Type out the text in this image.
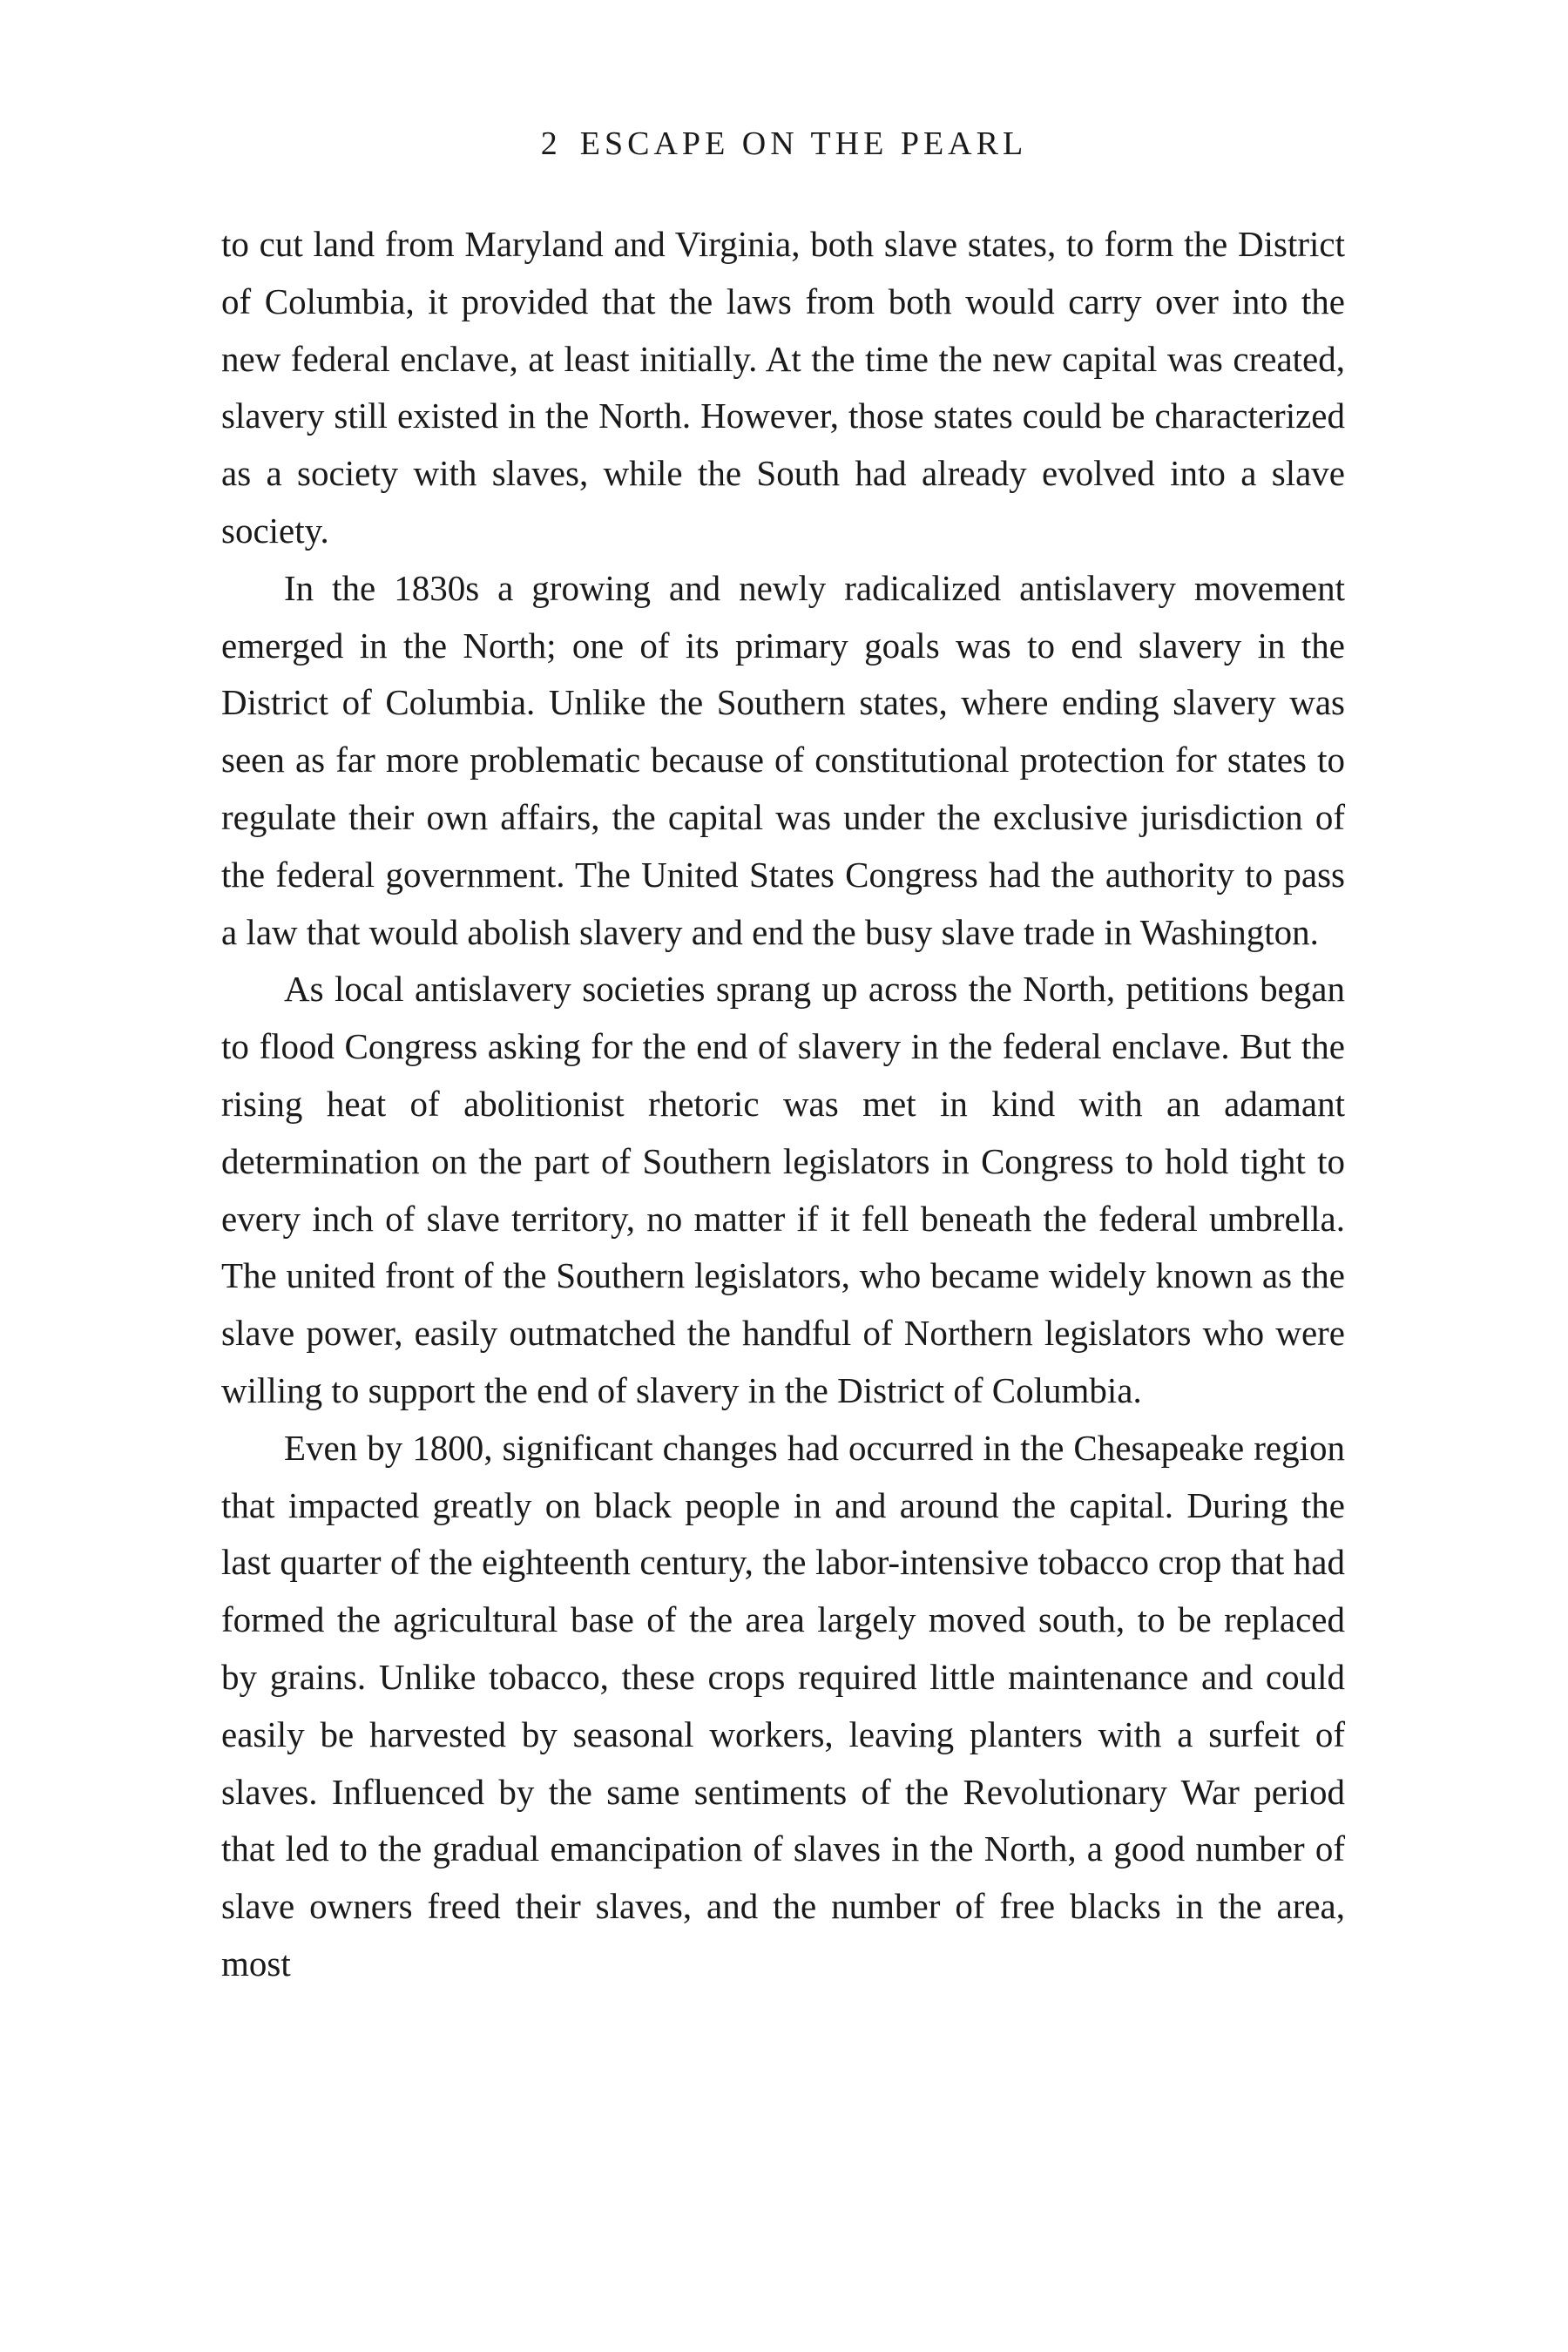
2 ESCAPE ON THE PEARL

to cut land from Maryland and Virginia, both slave states, to form the District of Columbia, it provided that the laws from both would carry over into the new federal enclave, at least initially. At the time the new capital was created, slavery still existed in the North. However, those states could be characterized as a society with slaves, while the South had already evolved into a slave society.

In the 1830s a growing and newly radicalized antislavery movement emerged in the North; one of its primary goals was to end slavery in the District of Columbia. Unlike the Southern states, where ending slavery was seen as far more problematic because of constitutional protection for states to regulate their own affairs, the capital was under the exclusive jurisdiction of the federal government. The United States Congress had the authority to pass a law that would abolish slavery and end the busy slave trade in Washington.

As local antislavery societies sprang up across the North, petitions began to flood Congress asking for the end of slavery in the federal enclave. But the rising heat of abolitionist rhetoric was met in kind with an adamant determination on the part of Southern legislators in Congress to hold tight to every inch of slave territory, no matter if it fell beneath the federal umbrella. The united front of the Southern legislators, who became widely known as the slave power, easily outmatched the handful of Northern legislators who were willing to support the end of slavery in the District of Columbia.

Even by 1800, significant changes had occurred in the Chesapeake region that impacted greatly on black people in and around the capital. During the last quarter of the eighteenth century, the labor-intensive tobacco crop that had formed the agricultural base of the area largely moved south, to be replaced by grains. Unlike tobacco, these crops required little maintenance and could easily be harvested by seasonal workers, leaving planters with a surfeit of slaves. Influenced by the same sentiments of the Revolutionary War period that led to the gradual emancipation of slaves in the North, a good number of slave owners freed their slaves, and the number of free blacks in the area, most
